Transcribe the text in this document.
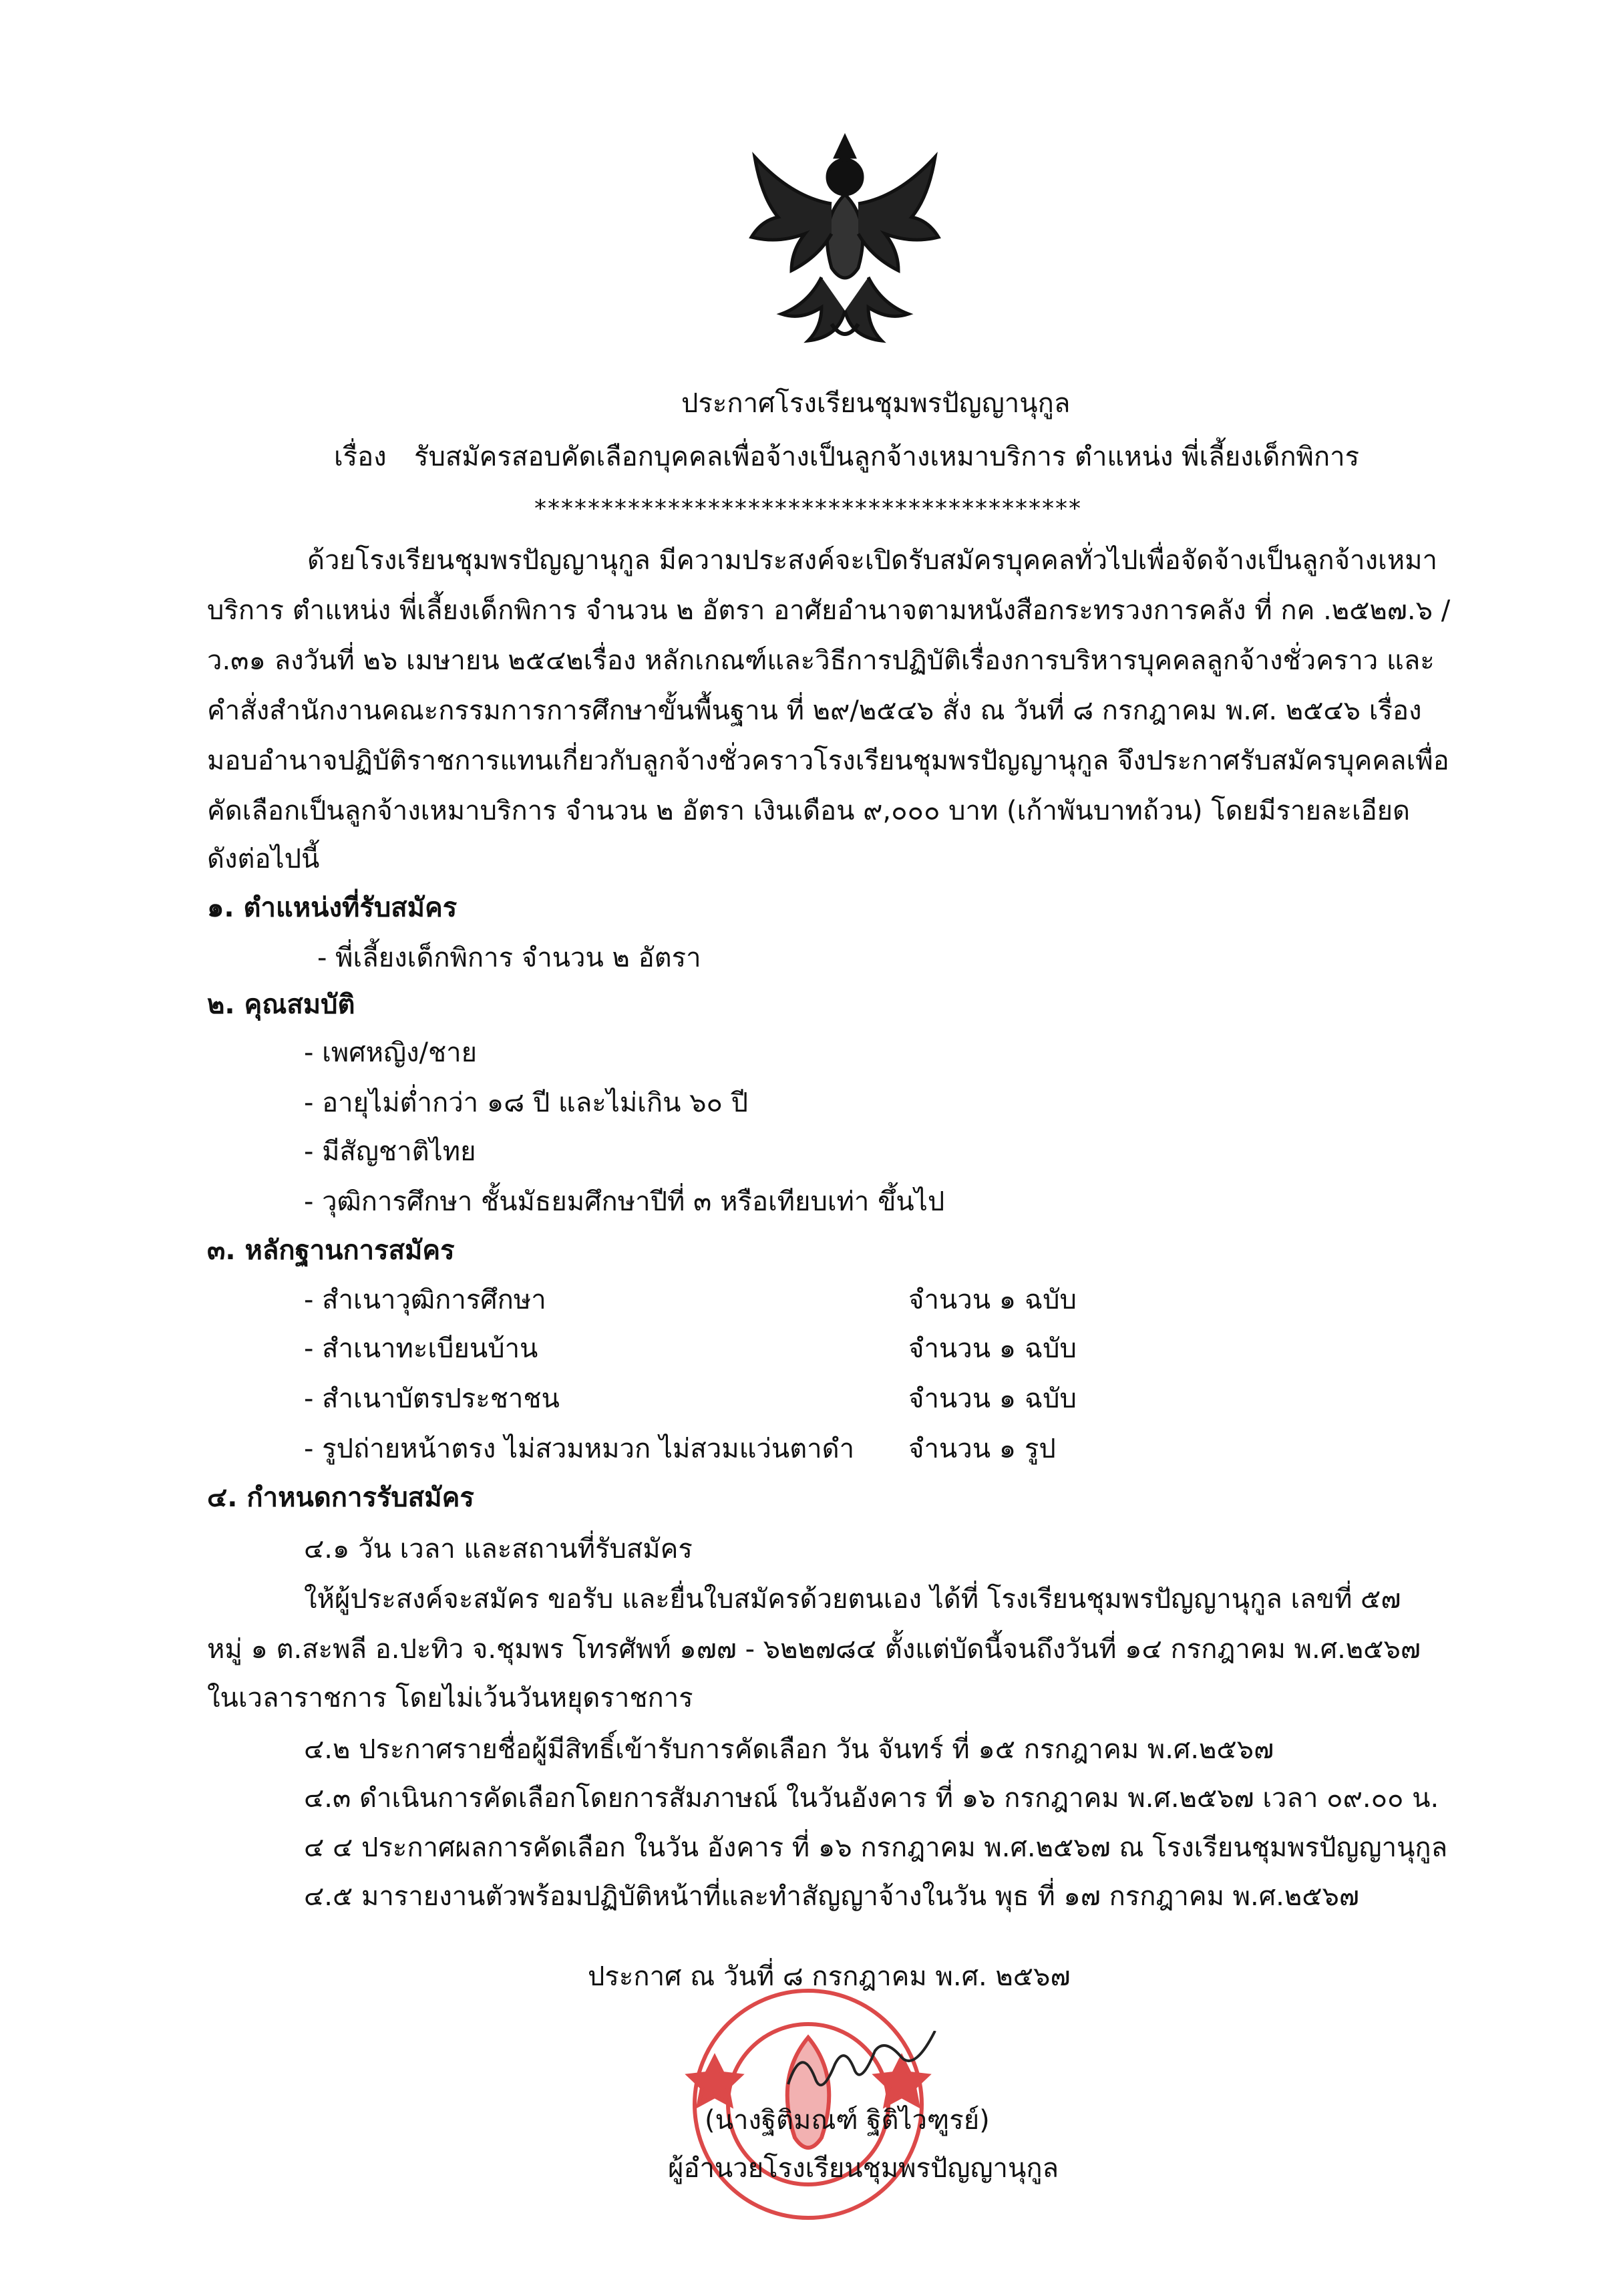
ประกาศโรงเรียนชุมพรปัญญานุกูล
เรื่อง รับสมัครสอบคัดเลือกบุคคลเพื่อจ้างเป็นลูกจ้างเหมาบริการ ตำแหน่ง พี่เลี้ยงเด็กพิการ
*****************************************
ด้วยโรงเรียนชุมพรปัญญานุกูล มีความประสงค์จะเปิดรับสมัครบุคคลทั่วไปเพื่อจัดจ้างเป็นลูกจ้างเหมา
บริการ ตำแหน่ง พี่เลี้ยงเด็กพิการ จำนวน ๒ อัตรา อาศัยอำนาจตามหนังสือกระทรวงการคลัง ที่ กค .๒๕๒๗.๖ /
ว.๓๑ ลงวันที่ ๒๖ เมษายน ๒๕๔๒เรื่อง หลักเกณฑ์และวิธีการปฏิบัติเรื่องการบริหารบุคคลลูกจ้างชั่วคราว และ
คำสั่งสำนักงานคณะกรรมการการศึกษาขั้นพื้นฐาน ที่ ๒๙/๒๕๔๖ สั่ง ณ วันที่ ๘ กรกฎาคม พ.ศ. ๒๕๔๖ เรื่อง
มอบอำนาจปฏิบัติราชการแทนเกี่ยวกับลูกจ้างชั่วคราวโรงเรียนชุมพรปัญญานุกูล จึงประกาศรับสมัครบุคคลเพื่อ
คัดเลือกเป็นลูกจ้างเหมาบริการ จำนวน ๒ อัตรา เงินเดือน ๙,๐๐๐ บาท (เก้าพันบาทถ้วน) โดยมีรายละเอียด
ดังต่อไปนี้
๑. ตำแหน่งที่รับสมัคร
- พี่เลี้ยงเด็กพิการ จำนวน ๒ อัตรา
๒. คุณสมบัติ
- เพศหญิง/ชาย
- อายุไม่ต่ำกว่า ๑๘ ปี และไม่เกิน ๖๐ ปี
- มีสัญชาติไทย
- วุฒิการศึกษา ชั้นมัธยมศึกษาปีที่ ๓ หรือเทียบเท่า ขึ้นไป
๓. หลักฐานการสมัคร
- สำเนาวุฒิการศึกษา	จำนวน ๑ ฉบับ
- สำเนาทะเบียนบ้าน	จำนวน ๑ ฉบับ
- สำเนาบัตรประชาชน	จำนวน ๑ ฉบับ
- รูปถ่ายหน้าตรง ไม่สวมหมวก ไม่สวมแว่นตาดำ จำนวน ๑ รูป
๔. กำหนดการรับสมัคร
๔.๑ วัน เวลา และสถานที่รับสมัคร
ให้ผู้ประสงค์จะสมัคร ขอรับ และยื่นใบสมัครด้วยตนเอง ได้ที่ โรงเรียนชุมพรปัญญานุกูล เลขที่ ๕๗
หมู่ ๑ ต.สะพลี อ.ปะทิว จ.ชุมพร โทรศัพท์ ๑๗๗ - ๖๒๒๗๘๔ ตั้งแต่บัดนี้จนถึงวันที่ ๑๔ กรกฎาคม พ.ศ.๒๕๖๗
ในเวลาราชการ โดยไม่เว้นวันหยุดราชการ
๔.๒ ประกาศรายชื่อผู้มีสิทธิ์เข้ารับการคัดเลือก วัน จันทร์ ที่ ๑๕ กรกฎาคม พ.ศ.๒๕๖๗
๔.๓ ดำเนินการคัดเลือกโดยการสัมภาษณ์ ในวันอังคาร ที่ ๑๖ กรกฎาคม พ.ศ.๒๕๖๗ เวลา ๐๙.๐๐ น.
๔ ๔ ประกาศผลการคัดเลือก ในวัน อังคาร ที่ ๑๖ กรกฎาคม พ.ศ.๒๕๖๗ ณ โรงเรียนชุมพรปัญญานุกูล
๔.๕ มารายงานตัวพร้อมปฏิบัติหน้าที่และทำสัญญาจ้างในวัน พุธ ที่ ๑๗ กรกฎาคม พ.ศ.๒๕๖๗
ประกาศ ณ วันที่ ๘ กรกฎาคม พ.ศ. ๒๕๖๗
(นางฐิติมณฑ์ ฐิติไวฑูรย์)
ผู้อำนวยโรงเรียนชุมพรปัญญานุกูล
